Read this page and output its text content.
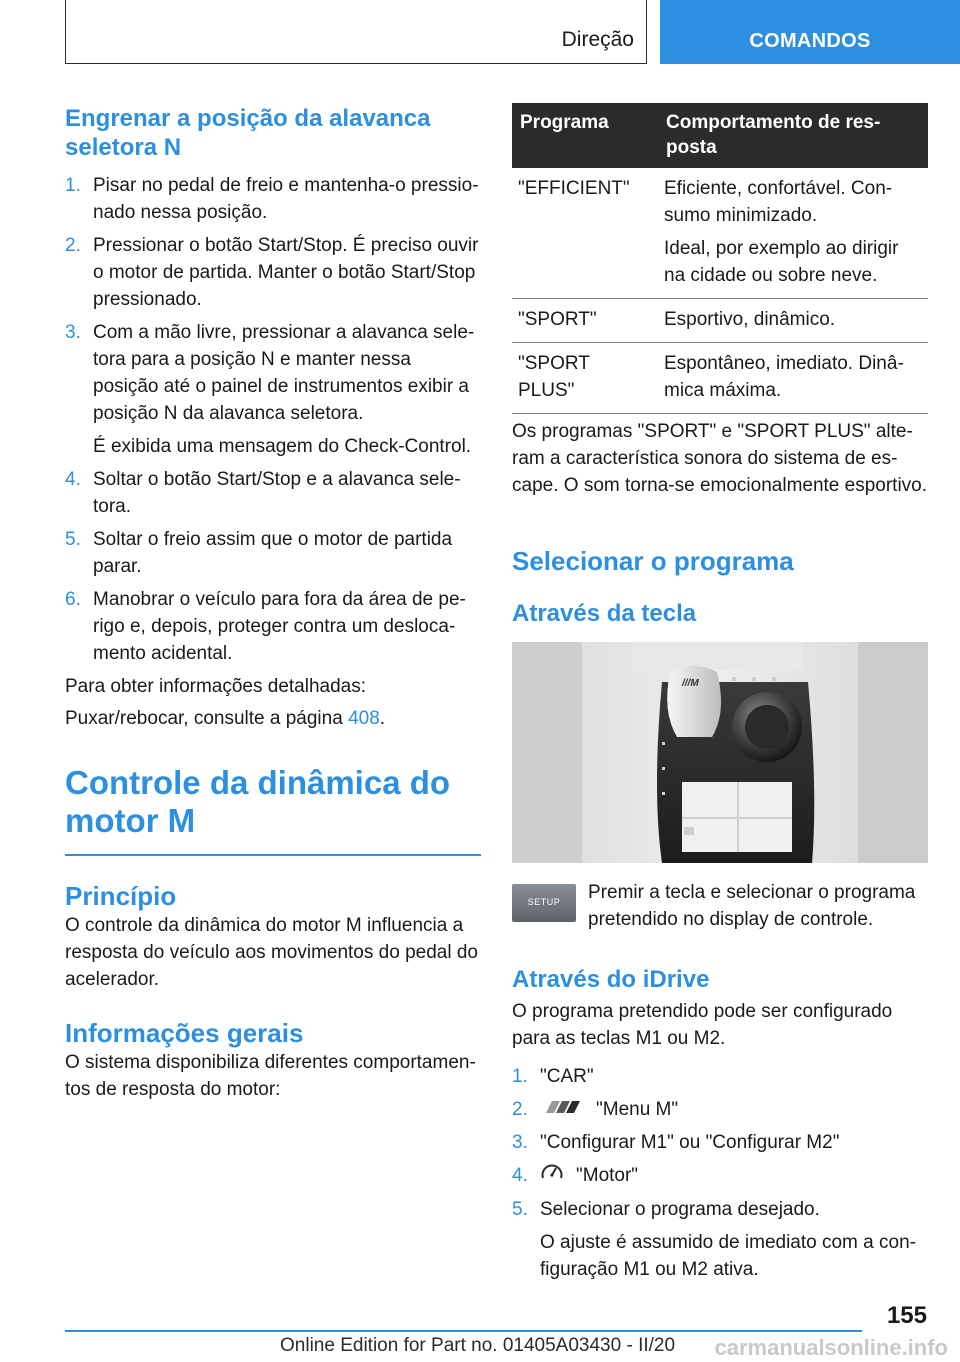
Direção	COMANDOS
Engrenar a posição da alavanca seletora N
1. Pisar no pedal de freio e mantenha-o pressionado nessa posição.
2. Pressionar o botão Start/Stop. É preciso ouvir o motor de partida. Manter o botão Start/Stop pressionado.
3. Com a mão livre, pressionar a alavanca seletora para a posição N e manter nessa posição até o painel de instrumentos exibir a posição N da alavanca seletora.
É exibida uma mensagem do Check-Control.
4. Soltar o botão Start/Stop e a alavanca seletora.
5. Soltar o freio assim que o motor de partida parar.
6. Manobrar o veículo para fora da área de perigo e, depois, proteger contra um deslocamento acidental.
Para obter informações detalhadas:
Puxar/rebocar, consulte a página 408.
Controle da dinâmica do motor M
Princípio
O controle da dinâmica do motor M influencia a resposta do veículo aos movimentos do pedal do acelerador.
Informações gerais
O sistema disponibiliza diferentes comportamentos de resposta do motor:
Programa	Comportamento de resposta
"EFFICIENT"	Eficiente, confortável. Consumo minimizado.

Ideal, por exemplo ao dirigir na cidade ou sobre neve.

"SPORT"	Esportivo, dinâmico.

"SPORT PLUS"	Espontâneo, imediato. Dinâmica máxima.

Os programas "SPORT" e "SPORT PLUS" alteram a característica sonora do sistema de escape. O som torna-se emocionalmente esportivo.
Selecionar o programa
Através da tecla
///M
SETUP	Premir a tecla e selecionar o programa pretendido no display de controle.
Através do iDrive
O programa pretendido pode ser configurado para as teclas M1 ou M2.
1. "CAR"
2.	"Menu M"
3. "Configurar M1" ou "Configurar M2"
4.	"Motor"
5. Selecionar o programa desejado.
O ajuste é assumido de imediato com a configuração M1 ou M2 ativa.
155
Online Edition for Part no. 01405A03430 - II/20 carmanualsonline.info
